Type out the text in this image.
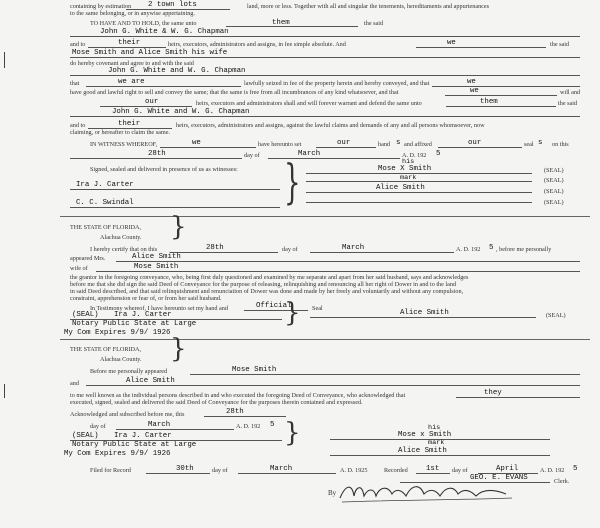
containing by estimation 2 town lots	land, more or less. Together with all and singular the tenements, hereditaments and appurtenances
to the same belonging, or in anywise appertaining.
TO HAVE AND TO HOLD, the same unto	them	the said
John G. White & W. G. Chapman
and to	their	heirs, executors, administrators and assigns, in fee simple absolute. And	we	the said
Mose Smith and Alice Smith his wife
do hereby covenant and agree to and with the said
John G. White and W. G. Chapman
that	we are	lawfully seized in fee of the property herein and hereby conveyed, and that	we
have good and lawful right to sell and convey the same; that the same is free from all incumbrances of any kind whatsoever, and that	we	will and
our	heirs, executors and administrators shall and will forever warrant and defend the same unto	them	the said
John G. White and W. G. Chapman
and to	their	heirs, executors, administrators and assigns, against the lawful claims and demands of any and all persons whomsoever, now
claiming, or hereafter to claim the same.
IN WITNESS WHEREOF,	we	have hereunto set	our	hand s and affixed	our	seal s on this
28th	day of	March	A. D. 192 5
his
Signed, sealed and delivered in presence of us as witnesses:	Mose X Smith	(SEAL)
mark
Ira J. Carter
(SEAL)
Alice Smith	(SEAL)
(SEAL)
C. C. Swindal	}
THE STATE OF FLORIDA,
Alachua County. }
I hereby certify that on this	28th	day of	March	A. D. 192 5 , before me personally
appeared Mrs.	Alice Smith
wife of	Mose Smith
the grantor in the foregoing conveyance, who, being first duly questioned and examined by me separate and apart from her said husband, says and acknowledges
before me that she did sign the said Deed of Conveyance for the purpose of releasing, relinquishing and renouncing all her right of Dower in and to the land
in said Deed described, and that said relinquishment and renunciation of Dower was done and made by her freely and voluntarily and without any compulsion,
constraint, apprehension or fear of, or from her said husband.
In Testimony whereof, I have hereunto set my hand and	Official	Seal
(SEAL) Ira J. Carter
Notary Public State at Large
My Com Expires 9/9/ 1926
}	Alice Smith	(SEAL)
THE STATE OF FLORIDA,
Alachua County. }
Before me personally appeared	Mose Smith
and	Alice Smith
to me well known as the individual persons described in and who executed the foregoing Deed of Conveyance, who acknowledged that	they
executed, signed, sealed and delivered the said Deed of Conveyance for the purposes therein contained and expressed.
Acknowledged and subscribed before me, this	28th
day of	March	A. D. 192 5
(SEAL) Ira J. Carter
Notary Public State at Large
My Com Expires 9/9/ 1926
}	his
Mose x Smith
mark
Alice Smith
Filed for Record	30th	day of	March	A. D. 1925	Recorded 1st day of	April	A. D. 192 5
GEO. E. EVANS	Clerk.
By
